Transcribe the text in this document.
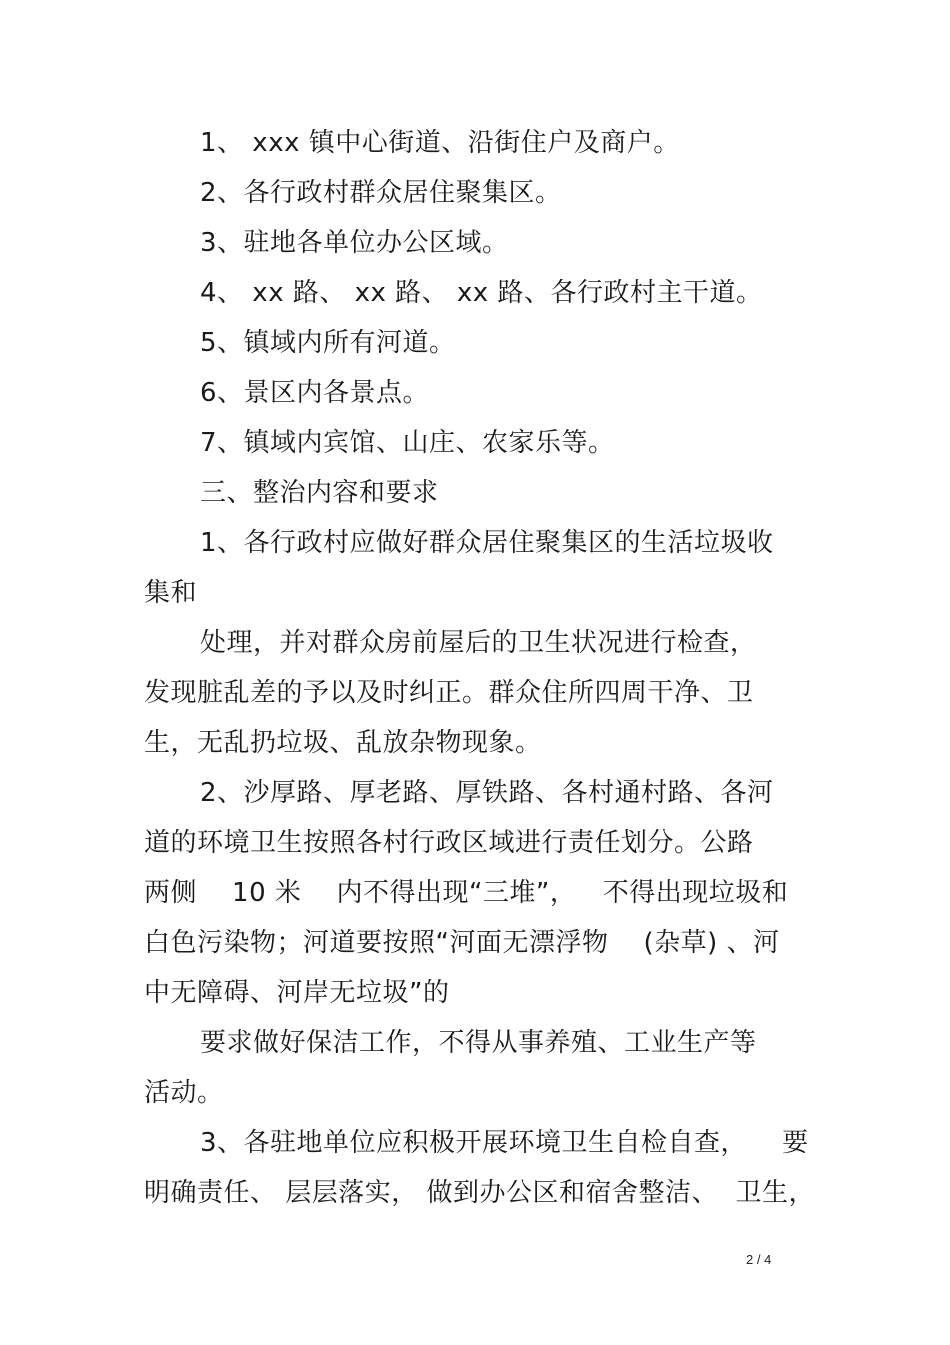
1、 xxx 镇中心街道、沿街住户及商户。
2、各行政村群众居住聚集区。
3、驻地各单位办公区域。
4、 xx 路、 xx 路、 xx 路、各行政村主干道。
5、镇域内所有河道。
6、景区内各景点。
7、镇域内宾馆、山庄、农家乐等。
三、整治内容和要求
1、各行政村应做好群众居住聚集区的生活垃圾收
集和
处理，并对群众房前屋后的卫生状况进行检查，
发现脏乱差的予以及时纠正。群众住所四周干净、卫
生，无乱扔垃圾、乱放杂物现象。
2、沙厚路、厚老路、厚铁路、各村通村路、各河
道的环境卫生按照各村行政区域进行责任划分。公路
两侧    10 米    内不得出现“三堆”，   不得出现垃圾和
白色污染物；河道要按照“河面无漂浮物    (杂草) 、河
中无障碍、河岸无垃圾”的
要求做好保洁工作，不得从事养殖、工业生产等
活动。
3、各驻地单位应积极开展环境卫生自检自查，    要
明确责任、 层层落实， 做到办公区和宿舍整洁、  卫生，
2 / 4
